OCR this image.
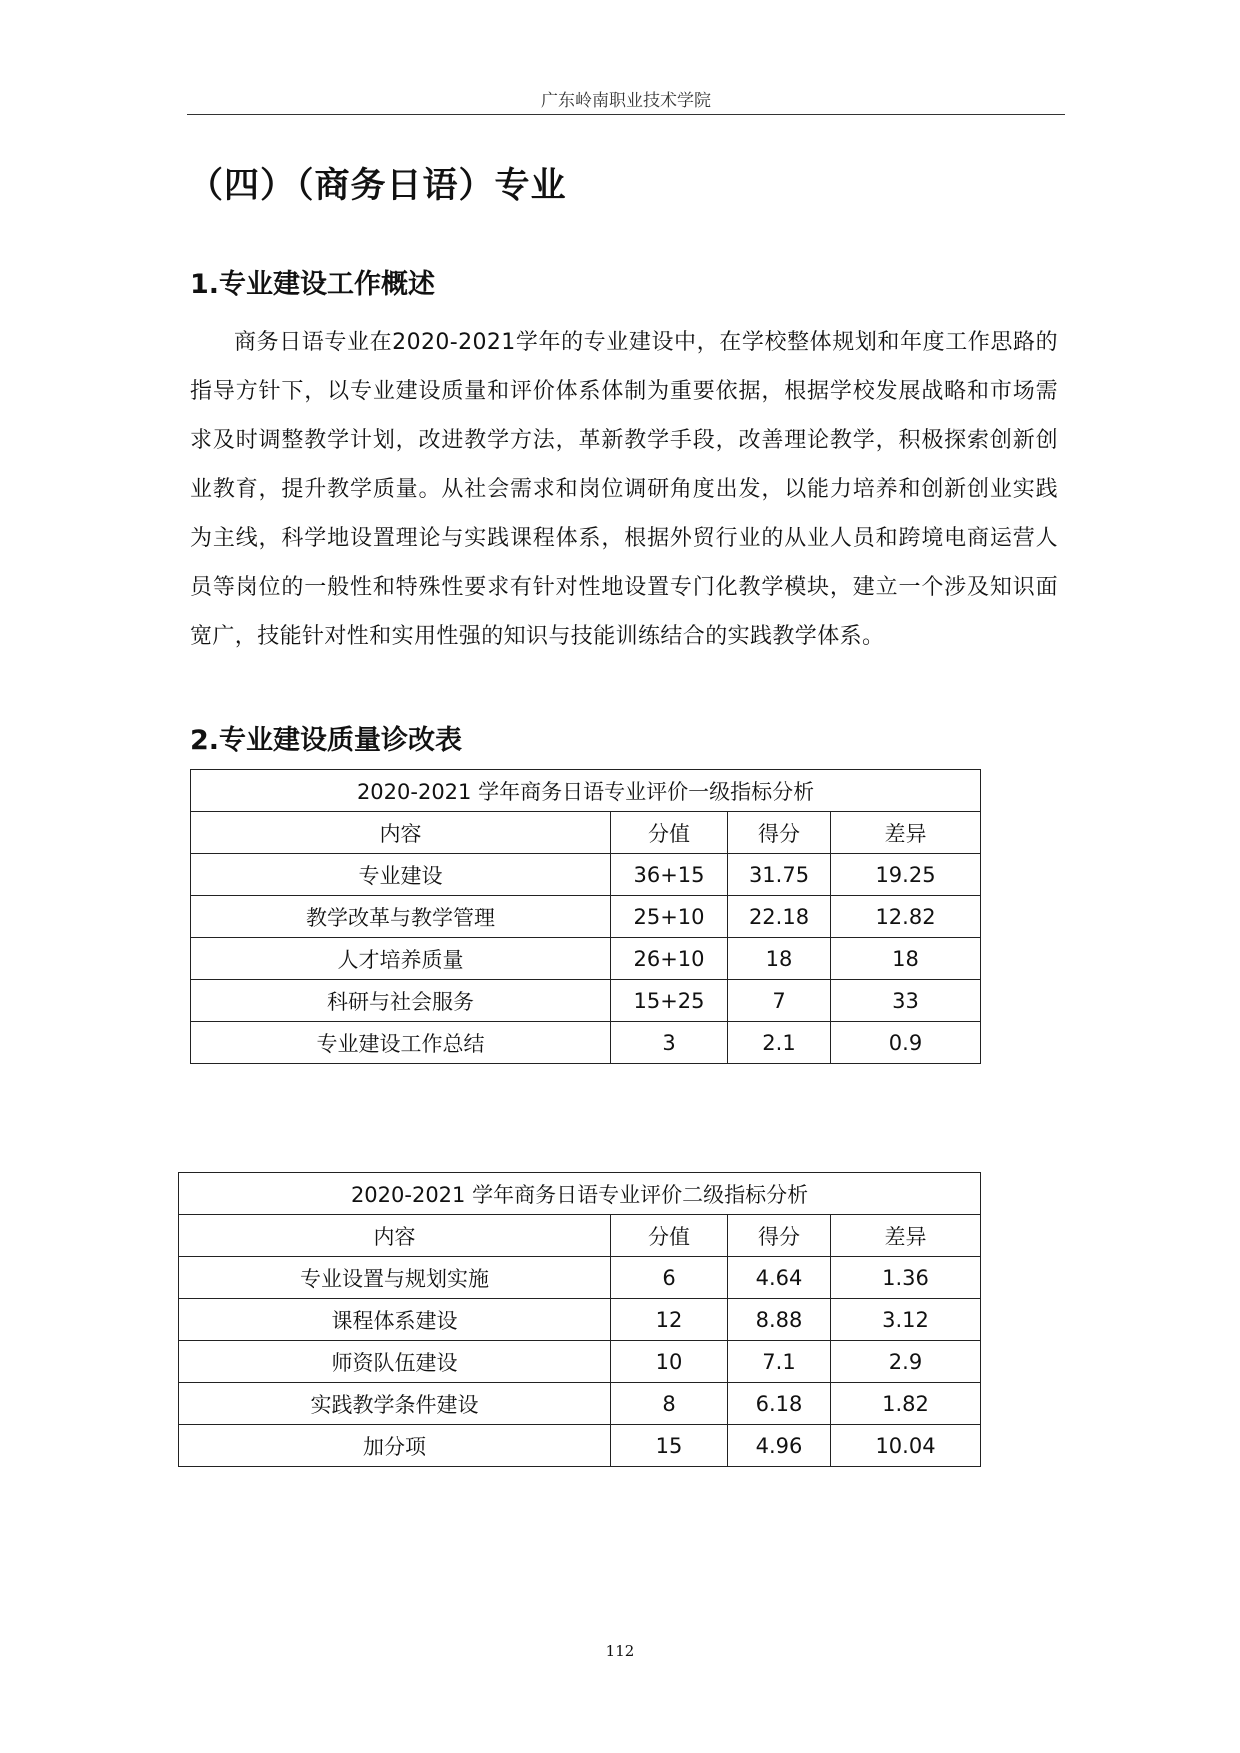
广东岭南职业技术学院
（四）（商务日语）专业
1.专业建设工作概述

商务日语专业在2020-2021学年的专业建设中，在学校整体规划和年度工作思路的指导方针下，以专业建设质量和评价体系体制为重要依据，根据学校发展战略和市场需求及时调整教学计划，改进教学方法，革新教学手段，改善理论教学，积极探索创新创业教育，提升教学质量。从社会需求和岗位调研角度出发，以能力培养和创新创业实践为主线，科学地设置理论与实践课程体系，根据外贸行业的从业人员和跨境电商运营人员等岗位的一般性和特殊性要求有针对性地设置专门化教学模块，建立一个涉及知识面宽广，技能针对性和实用性强的知识与技能训练结合的实践教学体系。

2.专业建设质量诊改表
2020-2021 学年商务日语专业评价一级指标分析			
内容	分值	得分	差异
专业建设	36+15	31.75	19.25
教学改革与教学管理	25+10	22.18	12.82
人才培养质量	26+10	18	18
科研与社会服务	15+25	7	33
专业建设工作总结	3	2.1	0.9
2020-2021 学年商务日语专业评价二级指标分析			
内容	分值	得分	差异
专业设置与规划实施	6	4.64	1.36
课程体系建设	12	8.88	3.12
师资队伍建设	10	7.1	2.9
实践教学条件建设	8	6.18	1.82
加分项	15	4.96	10.04
112
